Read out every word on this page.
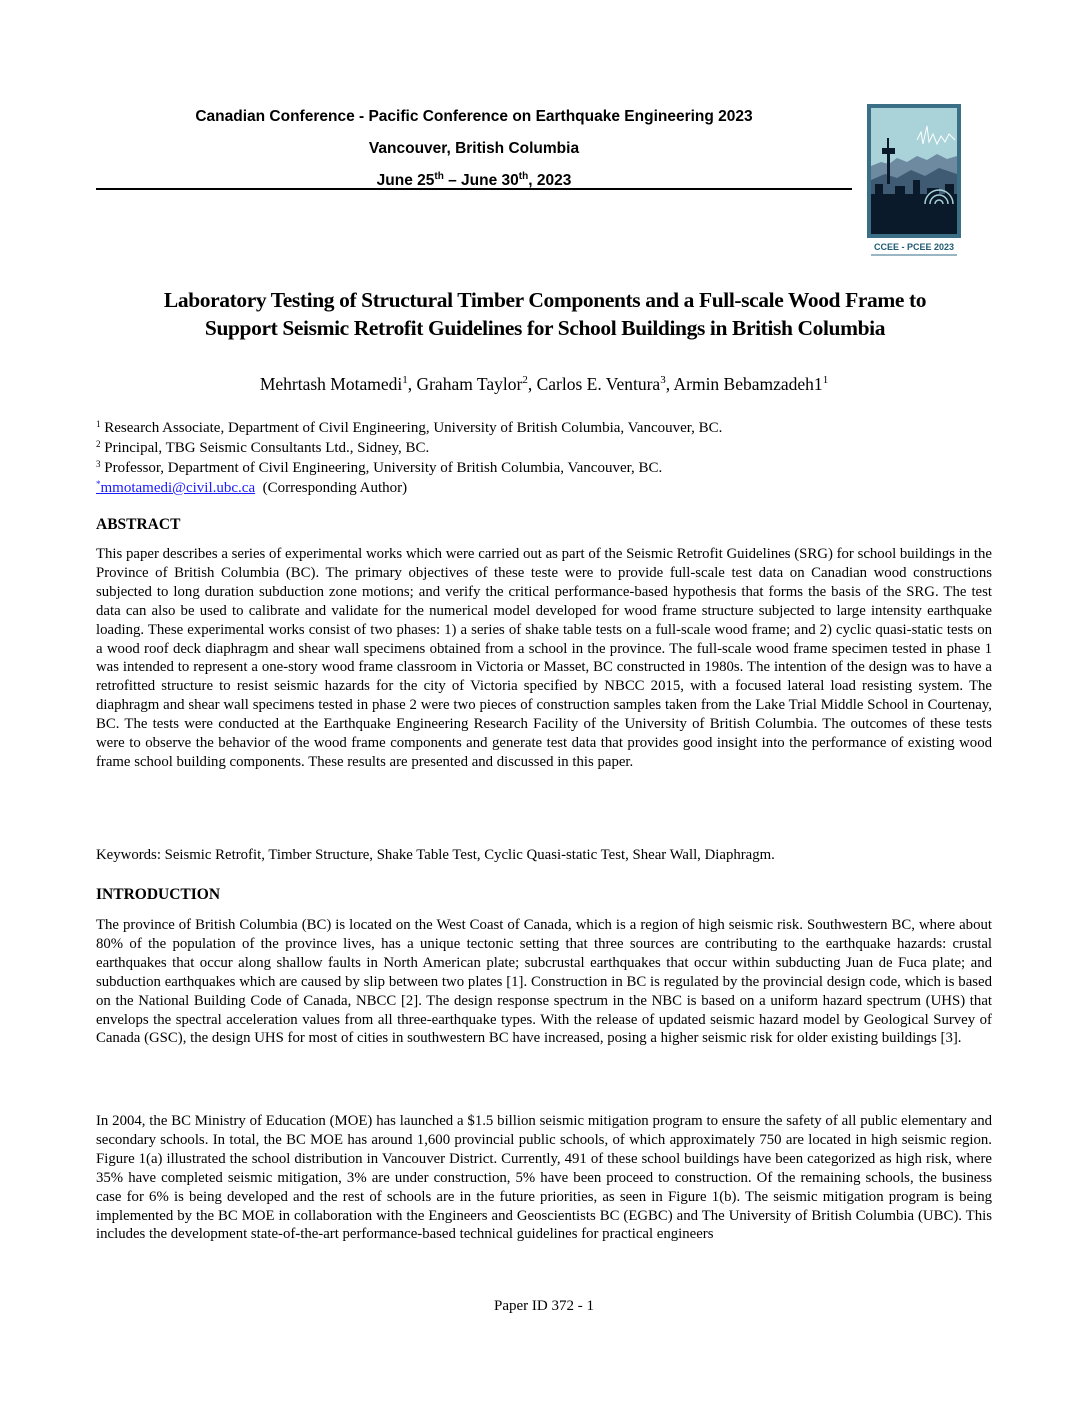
Canadian Conference - Pacific Conference on Earthquake Engineering 2023
Vancouver, British Columbia
June 25th – June 30th, 2023
CCEE - PCEE 2023
Laboratory Testing of Structural Timber Components and a Full-scale Wood Frame to
Support Seismic Retrofit Guidelines for School Buildings in British Columbia
Mehrtash Motamedi$^1$, Graham Taylor$^2$, Carlos E. Ventura$^3$, Armin $Bebamzadeh1^1$
$^1$ Research Associate, Department of Civil Engineering, University of British Columbia, Vancouver, BC.
$^2$ Principal, TBG Seismic Consultants Ltd., Sidney, BC.
$^3$ Professor, Department of Civil Engineering, University of British Columbia, Vancouver, BC.
*mmotamedi@civil.ubc.ca  (Corresponding Author)
ABSTRACT
This paper describes a series of experimental works which were carried out as part of the Seismic Retrofit Guidelines (SRG) for school buildings in the Province of British Columbia (BC). The primary objectives of these teste were to provide full-scale test data on Canadian wood constructions subjected to long duration subduction zone motions; and verify the critical performance-based hypothesis that forms the basis of the SRG. The test data can also be used to calibrate and validate for the numerical model developed for wood frame structure subjected to large intensity earthquake loading. These experimental works consist of two phases: 1) a series of shake table tests on a full-scale wood frame; and 2) cyclic quasi-static tests on a wood roof deck diaphragm and shear wall specimens obtained from a school in the province. The full-scale wood frame specimen tested in phase 1 was intended to represent a one-story wood frame classroom in Victoria or Masset, BC constructed in 1980s. The intention of the design was to have a retrofitted structure to resist seismic hazards for the city of Victoria specified by NBCC 2015, with a focused lateral load resisting system. The diaphragm and shear wall specimens tested in phase 2 were two pieces of construction samples taken from the Lake Trial Middle School in Courtenay, BC. The tests were conducted at the Earthquake Engineering Research Facility of the University of British Columbia. The outcomes of these tests were to observe the behavior of the wood frame components and generate test data that provides good insight into the performance of existing wood frame school building components. These results are presented and discussed in this paper.
Keywords: Seismic Retrofit, Timber Structure, Shake Table Test, Cyclic Quasi-static Test, Shear Wall, Diaphragm.
INTRODUCTION
The province of British Columbia (BC) is located on the West Coast of Canada, which is a region of high seismic risk. Southwestern BC, where about 80% of the population of the province lives, has a unique tectonic setting that three sources are contributing to the earthquake hazards: crustal earthquakes that occur along shallow faults in North American plate; subcrustal earthquakes that occur within subducting Juan de Fuca plate; and subduction earthquakes which are caused by slip between two plates [1]. Construction in BC is regulated by the provincial design code, which is based on the National Building Code of Canada, NBCC [2]. The design response spectrum in the NBC is based on a uniform hazard spectrum (UHS) that envelops the spectral acceleration values from all three-earthquake types. With the release of updated seismic hazard model by Geological Survey of Canada (GSC), the design UHS for most of cities in southwestern BC have increased, posing a higher seismic risk for older existing buildings [3].
In 2004, the BC Ministry of Education (MOE) has launched a $1.5 billion seismic mitigation program to ensure the safety of all public elementary and secondary schools. In total, the BC MOE has around 1,600 provincial public schools, of which approximately 750 are located in high seismic region. Figure 1(a) illustrated the school distribution in Vancouver District. Currently, 491 of these school buildings have been categorized as high risk, where 35% have completed seismic mitigation, 3% are under construction, 5% have been proceed to construction. Of the remaining schools, the business case for 6% is being developed and the rest of schools are in the future priorities, as seen in Figure 1(b). The seismic mitigation program is being implemented by the BC MOE in collaboration with the Engineers and Geoscientists BC (EGBC) and The University of British Columbia (UBC). This includes the development state-of-the-art performance-based technical guidelines for practical engineers
Paper ID 372 - 1
